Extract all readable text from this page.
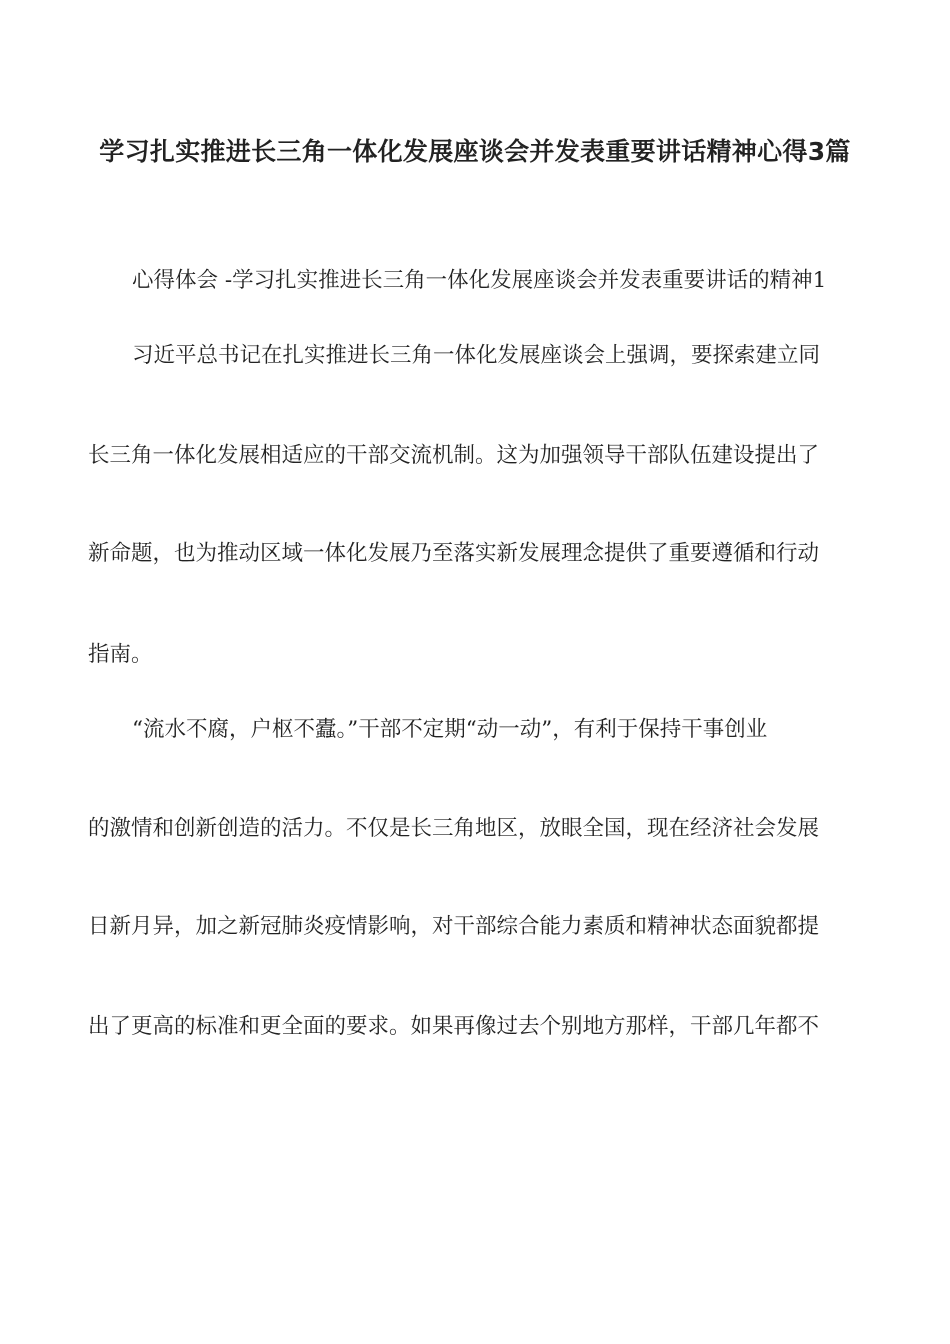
学习扎实推进长三角一体化发展座谈会并发表重要讲话精神心得3篇
心得体会 -学习扎实推进长三角一体化发展座谈会并发表重要讲话的精神1
习近平总书记在扎实推进长三角一体化发展座谈会上强调，要探索建立同
长三角一体化发展相适应的干部交流机制。这为加强领导干部队伍建设提出了
新命题，也为推动区域一体化发展乃至落实新发展理念提供了重要遵循和行动
指南。
“流水不腐，户枢不蠹。”干部不定期“动一动”，有利于保持干事创业
的激情和创新创造的活力。不仅是长三角地区，放眼全国，现在经济社会发展
日新月异，加之新冠肺炎疫情影响，对干部综合能力素质和精神状态面貌都提
出了更高的标准和更全面的要求。如果再像过去个别地方那样，干部几年都不
